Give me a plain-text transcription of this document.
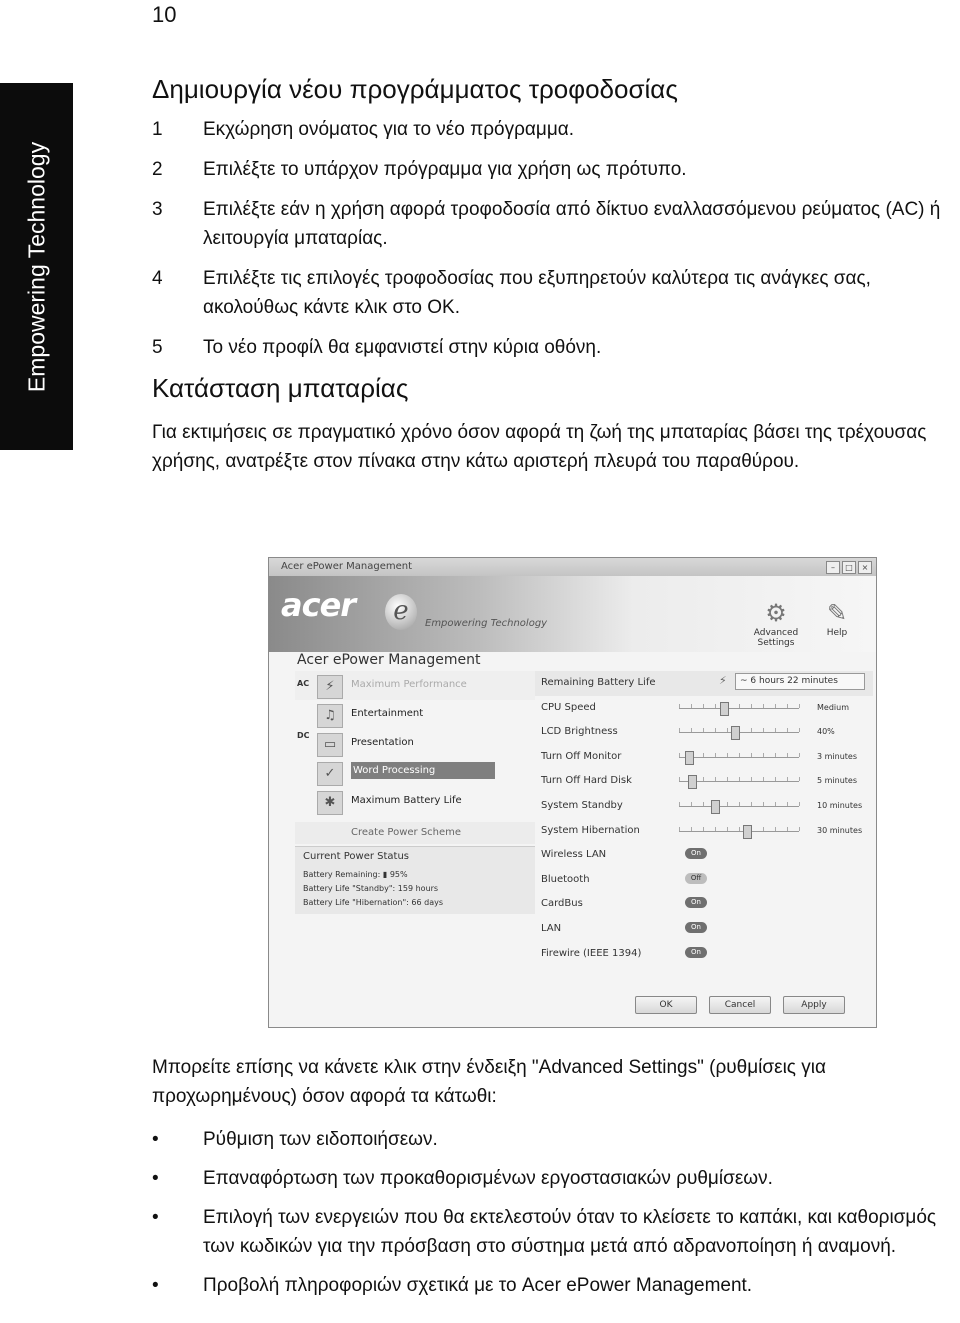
10
Empowering Technology
Δημιουργία νέου προγράμματος τροφοδοσίας
1 Εκχώρηση ονόματος για το νέο πρόγραμμα.
2 Επιλέξτε το υπάρχον πρόγραμμα για χρήση ως πρότυπο.
3 Επιλέξτε εάν η χρήση αφορά τροφοδοσία από δίκτυο εναλλασσόμενου ρεύματος (AC) ή λειτουργία μπαταρίας.
4 Επιλέξτε τις επιλογές τροφοδοσίας που εξυπηρετούν καλύτερα τις ανάγκες σας, ακολούθως κάντε κλικ στο OK.
5 Το νέο προφίλ θα εμφανιστεί στην κύρια οθόνη.
Κατάσταση μπαταρίας

Για εκτιμήσεις σε πραγματικό χρόνο όσον αφορά τη ζωή της μπαταρίας βάσει της τρέχουσας χρήσης, ανατρέξτε στον πίνακα στην κάτω αριστερή πλευρά του παραθύρου.

Acer ePower Management	–	□	×
acer	e	Empowering Technology	⚙
Advanced Settings
✎
Help
Acer ePower Management
AC	⚡	Maximum Performance
♫	Entertainment
DC
▭	Presentation
✓	Word Processing
✱	Maximum Battery Life
Create Power Scheme
Current Power Status
Battery Remaining: ▮ 95%
Battery Life "Standby": 159 hours
Battery Life "Hibernation": 66 days
Remaining Battery Life	⚡	~ 6 hours 22 minutes
CPU Speed	Medium
LCD Brightness	40%
Turn Off Monitor	3 minutes
Turn Off Hard Disk	5 minutes
System Standby	10 minutes
System Hibernation	30 minutes
Wireless LAN	On
Bluetooth	Off
CardBus	On
LAN	On
Firewire (IEEE 1394)	On
OK	Cancel	Apply

Μπορείτε επίσης να κάνετε κλικ στην ένδειξη "Advanced Settings" (ρυθμίσεις για προχωρημένους) όσον αφορά τα κάτωθι:

• Ρύθμιση των ειδοποιήσεων.
• Επαναφόρτωση των προκαθορισμένων εργοστασιακών ρυθμίσεων.
• Επιλογή των ενεργειών που θα εκτελεστούν όταν το κλείσετε το καπάκι, και καθορισμός των κωδικών για την πρόσβαση στο σύστημα μετά από αδρανοποίηση ή αναμονή.
• Προβολή πληροφοριών σχετικά με το Acer ePower Management.
